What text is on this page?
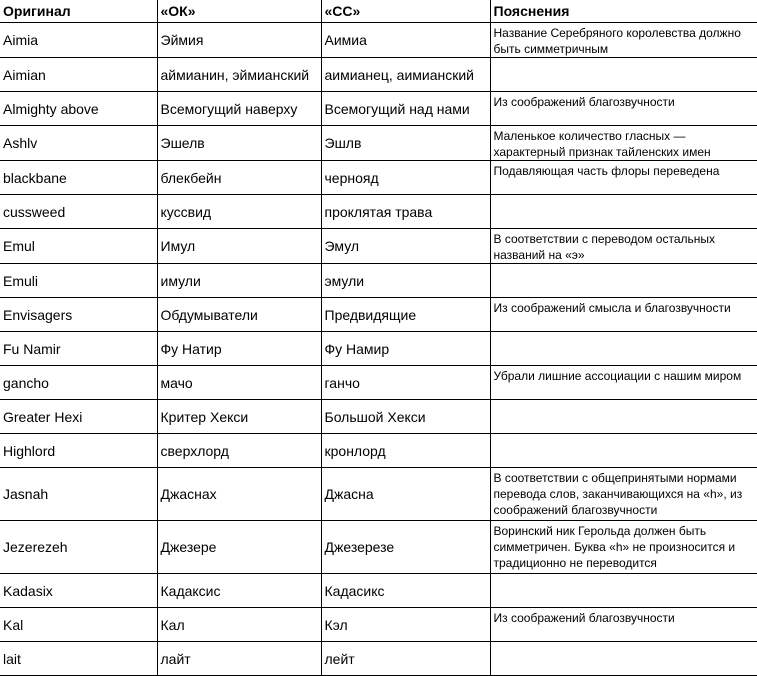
Оригинал	«ОК»	«СС»	Пояснения
Aimia	Эймия	Аимиа	Название Серебряного королевства должно быть симметричным
Aimian	аймианин, эймианский	аимианец, аимианский	
Almighty above	Всемогущий наверху	Всемогущий над нами	Из соображений благозвучности
Ashlv	Эшелв	Эшлв	Маленькое количество гласных — характерный признак тайленских имен
blackbane	блекбейн	чернояд	Подавляющая часть флоры переведена
cussweed	куссвид	проклятая трава	
Emul	Имул	Эмул	В соответствии с переводом остальных названий на «э»
Emuli	имули	эмули	
Envisagers	Обдумыватели	Предвидящие	Из соображений смысла и благозвучности
Fu Namir	Фу Натир	Фу Намир	
gancho	мачо	ганчо	Убрали лишние ассоциации с нашим миром
Greater Hexi	Критер Хекси	Большой Хекси	
Highlord	сверхлорд	кронлорд	
Jasnah	Джаснах	Джасна	В соответствии с общепринятыми нормами перевода слов, заканчивающихся на «h», из соображений благозвучности
Jezerezeh	Джезере	Джезерезе	Воринский ник Герольда должен быть симметричен. Буква «h» не произносится и традиционно не переводится
Kadasix	Кадаксис	Кадасикс	
Kal	Кал	Кэл	Из соображений благозвучности
lait	лайт	лейт	
